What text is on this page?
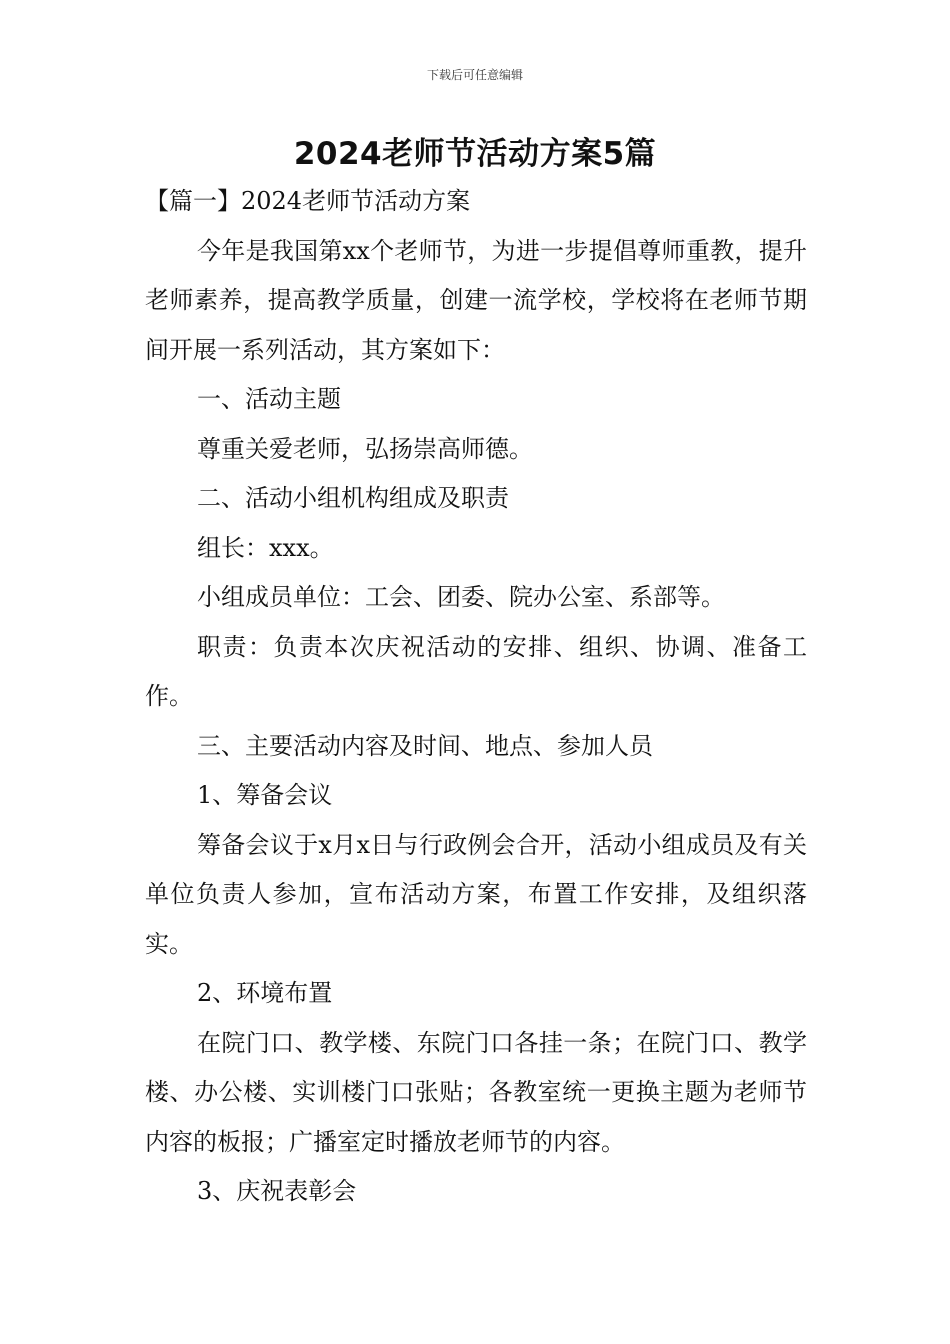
下载后可任意编辑
2024老师节活动方案5篇

【篇一】2024老师节活动方案

今年是我国第xx个老师节，为进一步提倡尊师重教，提升老师素养，提高教学质量，创建一流学校，学校将在老师节期间开展一系列活动，其方案如下：

一、活动主题

尊重关爱老师，弘扬崇高师德。

二、活动小组机构组成及职责

组长：xxx。

小组成员单位：工会、团委、院办公室、系部等。

职责：负责本次庆祝活动的安排、组织、协调、准备工作。

三、主要活动内容及时间、地点、参加人员

1、筹备会议

筹备会议于x月x日与行政例会合开，活动小组成员及有关单位负责人参加，宣布活动方案，布置工作安排，及组织落实。

2、环境布置

在院门口、教学楼、东院门口各挂一条；在院门口、教学楼、办公楼、实训楼门口张贴；各教室统一更换主题为老师节内容的板报；广播室定时播放老师节的内容。

3、庆祝表彰会
